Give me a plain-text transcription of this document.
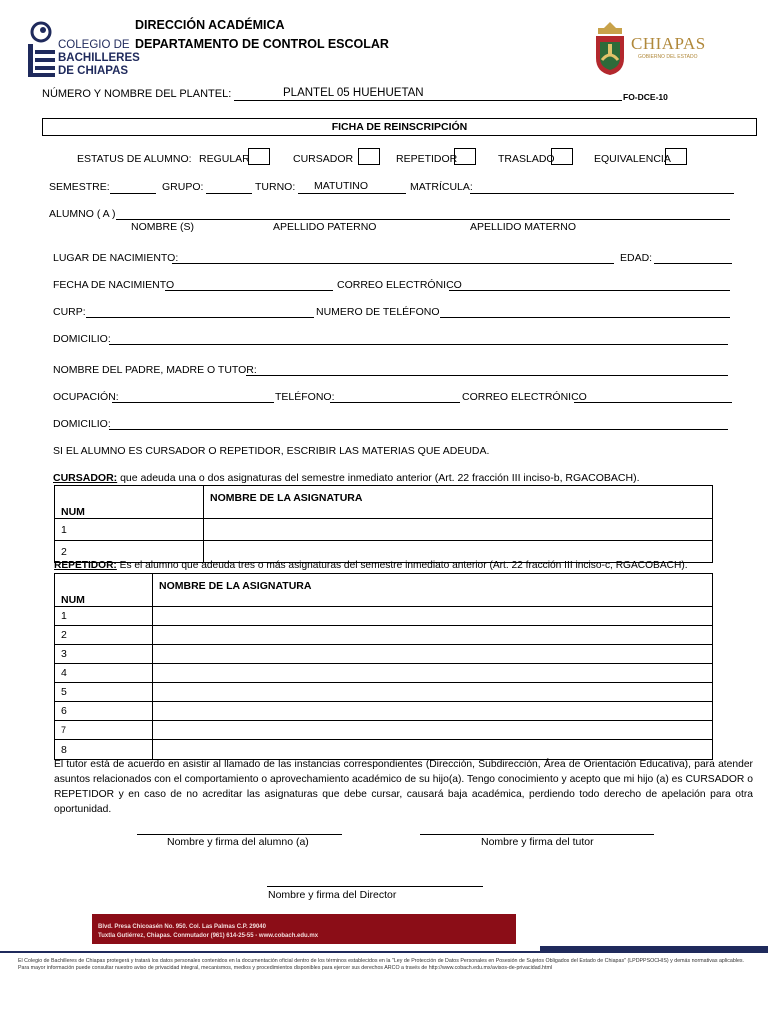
COLEGIO DE
BACHILLERES
DE CHIAPAS
DIRECCIÓN ACADÉMICA
DEPARTAMENTO DE CONTROL ESCOLAR	CHIAPAS
GOBIERNO DEL ESTADO
NÚMERO Y NOMBRE DEL PLANTEL:	PLANTEL 05 HUEHUETAN	FO-DCE-10
FICHA DE REINSCRIPCIÓN
ESTATUS DE ALUMNO: REGULAR	CURSADOR	REPETIDOR	TRASLADO	EQUIVALENCIA
SEMESTRE:	GRUPO:	TURNO: MATUTINO	MATRÍCULA:
ALUMNO ( A )
NOMBRE (S)	APELLIDO PATERNO	APELLIDO MATERNO
LUGAR DE NACIMIENTO:	EDAD:
FECHA DE NACIMIENTO	CORREO ELECTRÓNICO
CURP:	NUMERO DE TELÉFONO
DOMICILIO:
NOMBRE DEL PADRE, MADRE O TUTOR:
OCUPACIÓN:	TELÉFONO:	CORREO ELECTRÓNICO
DOMICILIO:
SI EL ALUMNO ES CURSADOR O REPETIDOR, ESCRIBIR LAS MATERIAS QUE ADEUDA.
CURSADOR: que adeuda una o dos asignaturas del semestre inmediato anterior (Art. 22 fracción III inciso-b, RGACOBACH).
NUM	NOMBRE DE LA ASIGNATURA
1	
2	
REPETIDOR: Es el alumno que adeuda tres o más asignaturas del semestre inmediato anterior (Art. 22 fracción III inciso-c, RGACOBACH).
NUM	NOMBRE DE LA ASIGNATURA
1	
2	
3	
4	
5	
6	
7	
8	
El tutor está de acuerdo en asistir al llamado de las instancias correspondientes (Dirección, Subdirección, Área de Orientación Educativa), para atender asuntos relacionados con el comportamiento o aprovechamiento académico de su hijo(a). Tengo conocimiento y acepto que mi hijo (a) es CURSADOR o REPETIDOR y en caso de no acreditar las asignaturas que debe cursar, causará baja académica, perdiendo todo derecho de apelación para otra oportunidad.
Nombre y firma del alumno (a)	Nombre y firma del tutor
Nombre y firma del Director
Blvd. Presa Chicoasén No. 950. Col. Las Palmas C.P. 29040
Tuxtla Gutiérrez, Chiapas. Conmutador (961) 614-25-55 - www.cobach.edu.mx
El Colegio de Bachilleres de Chiapas protegerá y tratará los datos personales contenidos en la documentación oficial dentro de los términos establecidos en la "Ley de Protección de Datos Personales en Posesión de Sujetos Obligados del Estado de Chiapas" (LPDPPSOCHIS) y demás normativas aplicables. Para mayor información puede consultar nuestro aviso de privacidad integral, mecanismos, medios y procedimientos disponibles para ejercer sus derechos ARCO a través de http://www.cobach.edu.mx/avisos-de-privacidad.html
